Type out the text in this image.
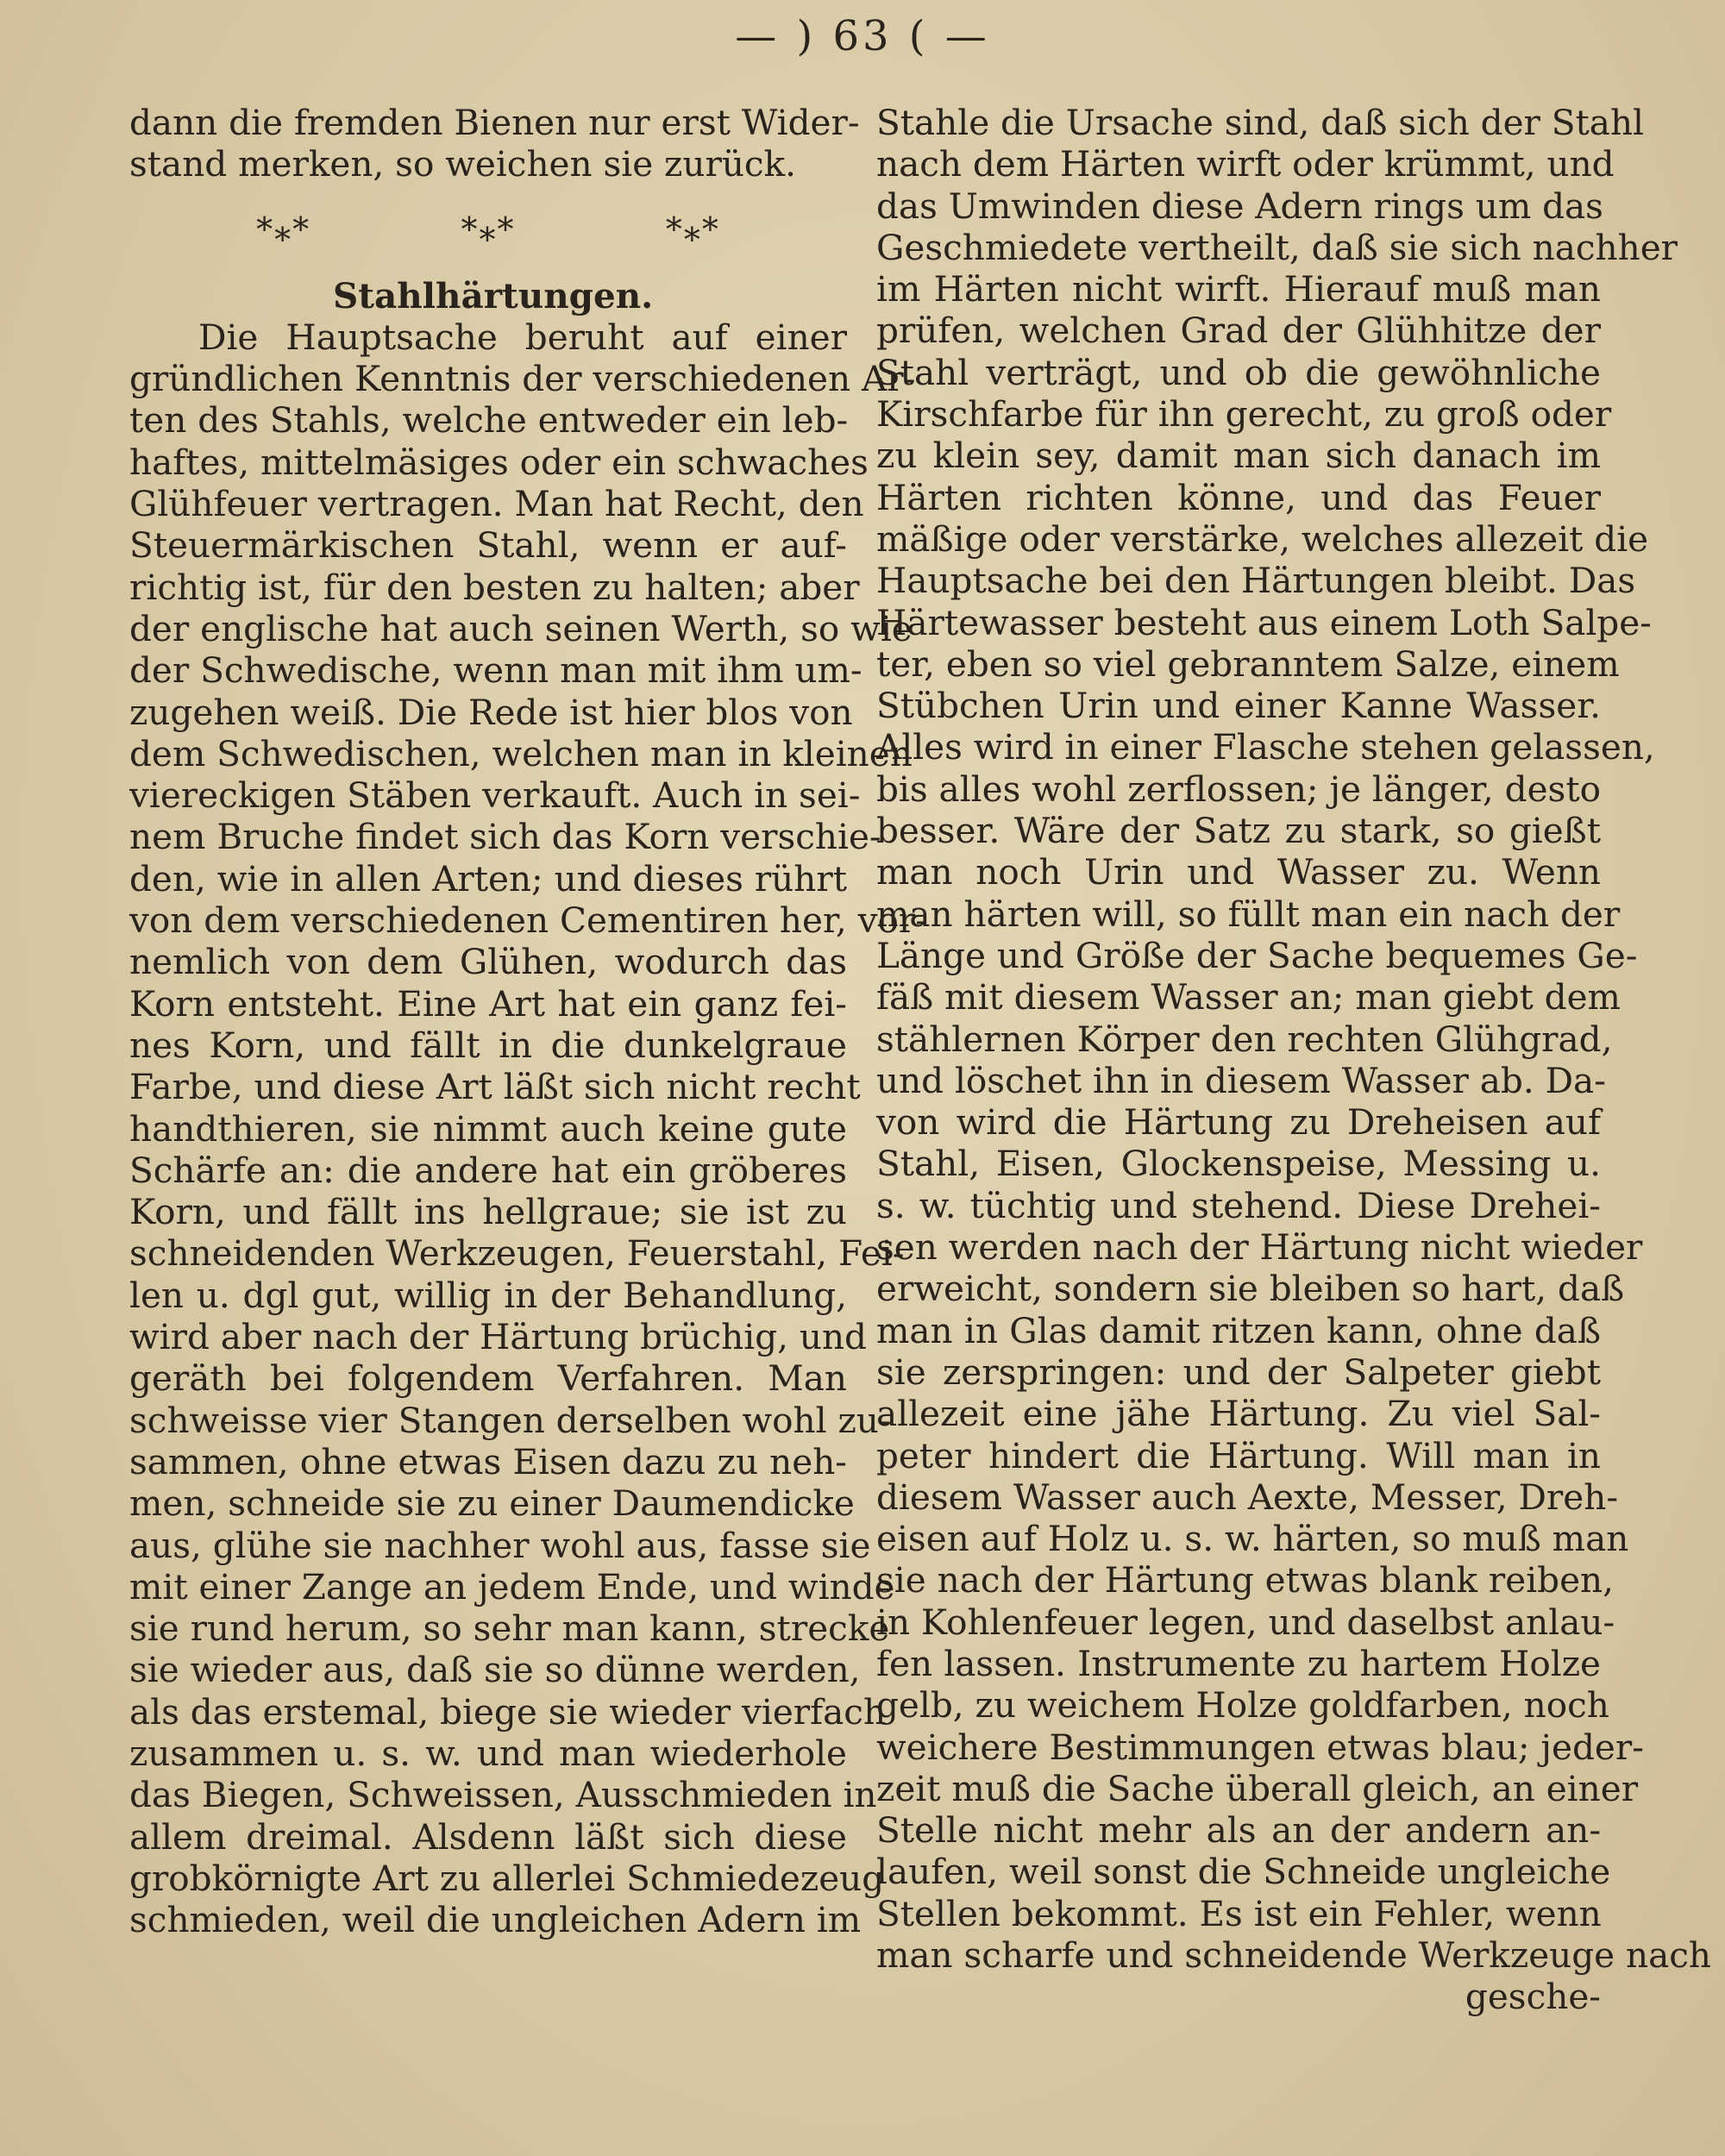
— ) 63 ( —
dann die fremden Bienen nur erst Wider-
stand merken, so weichen sie zurück.
*⁎*	*⁎*	*⁎*
Stahlhärtungen.
Die Hauptsache beruht auf einer
gründlichen Kenntnis der verschiedenen Ar-
ten des Stahls, welche entweder ein leb-
haftes, mittelmäsiges oder ein schwaches
Glühfeuer vertragen. Man hat Recht, den
Steuermärkischen Stahl, wenn er auf-
richtig ist, für den besten zu halten; aber
der englische hat auch seinen Werth, so wie
der Schwedische, wenn man mit ihm um-
zugehen weiß. Die Rede ist hier blos von
dem Schwedischen, welchen man in kleinen
viereckigen Stäben verkauft. Auch in sei-
nem Bruche findet sich das Korn verschie-
den, wie in allen Arten; und dieses rührt
von dem verschiedenen Cementiren her, vor-
nemlich von dem Glühen, wodurch das
Korn entsteht. Eine Art hat ein ganz fei-
nes Korn, und fällt in die dunkelgraue
Farbe, und diese Art läßt sich nicht recht
handthieren, sie nimmt auch keine gute
Schärfe an: die andere hat ein gröberes
Korn, und fällt ins hellgraue; sie ist zu
schneidenden Werkzeugen, Feuerstahl, Fei-
len u. dgl gut, willig in der Behandlung,
wird aber nach der Härtung brüchig, und
geräth bei folgendem Verfahren. Man
schweisse vier Stangen derselben wohl zu-
sammen, ohne etwas Eisen dazu zu neh-
men, schneide sie zu einer Daumendicke
aus, glühe sie nachher wohl aus, fasse sie
mit einer Zange an jedem Ende, und winde
sie rund herum, so sehr man kann, strecke
sie wieder aus, daß sie so dünne werden,
als das erstemal, biege sie wieder vierfach
zusammen u. s. w. und man wiederhole
das Biegen, Schweissen, Ausschmieden in
allem dreimal. Alsdenn läßt sich diese
grobkörnigte Art zu allerlei Schmiedezeug
schmieden, weil die ungleichen Adern im
Stahle die Ursache sind, daß sich der Stahl
nach dem Härten wirft oder krümmt, und
das Umwinden diese Adern rings um das
Geschmiedete vertheilt, daß sie sich nachher
im Härten nicht wirft. Hierauf muß man
prüfen, welchen Grad der Glühhitze der
Stahl verträgt, und ob die gewöhnliche
Kirschfarbe für ihn gerecht, zu groß oder
zu klein sey, damit man sich danach im
Härten richten könne, und das Feuer
mäßige oder verstärke, welches allezeit die
Hauptsache bei den Härtungen bleibt. Das
Härtewasser besteht aus einem Loth Salpe-
ter, eben so viel gebranntem Salze, einem
Stübchen Urin und einer Kanne Wasser.
Alles wird in einer Flasche stehen gelassen,
bis alles wohl zerflossen; je länger, desto
besser. Wäre der Satz zu stark, so gießt
man noch Urin und Wasser zu. Wenn
man härten will, so füllt man ein nach der
Länge und Größe der Sache bequemes Ge-
fäß mit diesem Wasser an; man giebt dem
stählernen Körper den rechten Glühgrad,
und löschet ihn in diesem Wasser ab. Da-
von wird die Härtung zu Dreheisen auf
Stahl, Eisen, Glockenspeise, Messing u.
s. w. tüchtig und stehend. Diese Drehei-
sen werden nach der Härtung nicht wieder
erweicht, sondern sie bleiben so hart, daß
man in Glas damit ritzen kann, ohne daß
sie zerspringen: und der Salpeter giebt
allezeit eine jähe Härtung. Zu viel Sal-
peter hindert die Härtung. Will man in
diesem Wasser auch Aexte, Messer, Dreh-
eisen auf Holz u. s. w. härten, so muß man
sie nach der Härtung etwas blank reiben,
in Kohlenfeuer legen, und daselbst anlau-
fen lassen. Instrumente zu hartem Holze
gelb, zu weichem Holze goldfarben, noch
weichere Bestimmungen etwas blau; jeder-
zeit muß die Sache überall gleich, an einer
Stelle nicht mehr als an der andern an-
laufen, weil sonst die Schneide ungleiche
Stellen bekommt. Es ist ein Fehler, wenn
man scharfe und schneidende Werkzeuge nach
gesche-
